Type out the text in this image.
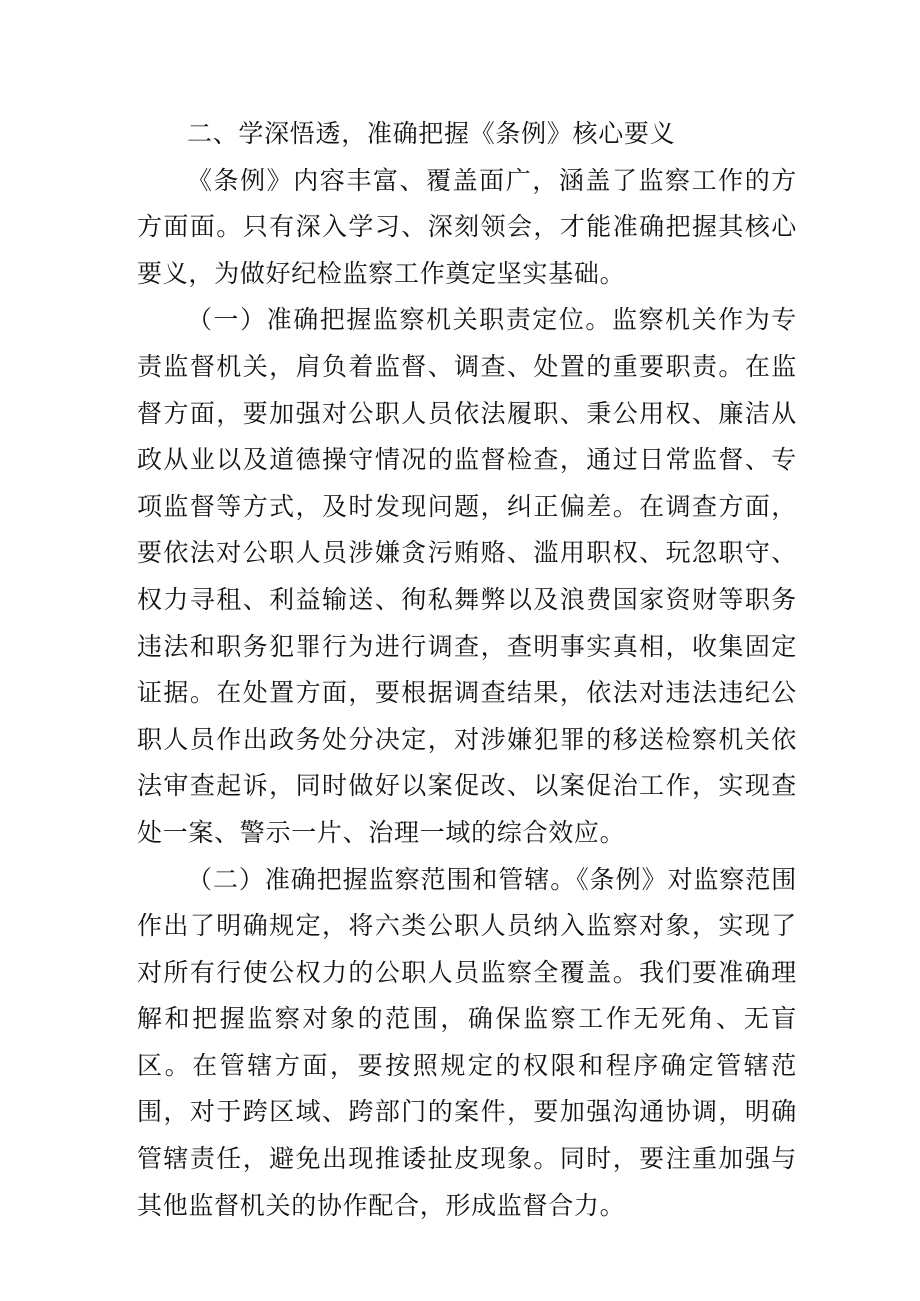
二、学深悟透，准确把握《条例》核心要义

《条例》内容丰富、覆盖面广，涵盖了监察工作的方方面面。只有深入学习、深刻领会，才能准确把握其核心要义，为做好纪检监察工作奠定坚实基础。

（一）准确把握监察机关职责定位。监察机关作为专责监督机关，肩负着监督、调查、处置的重要职责。在监督方面，要加强对公职人员依法履职、秉公用权、廉洁从政从业以及道德操守情况的监督检查，通过日常监督、专项监督等方式，及时发现问题，纠正偏差。在调查方面，要依法对公职人员涉嫌贪污贿赂、滥用职权、玩忽职守、权力寻租、利益输送、徇私舞弊以及浪费国家资财等职务违法和职务犯罪行为进行调查，查明事实真相，收集固定证据。在处置方面，要根据调查结果，依法对违法违纪公职人员作出政务处分决定，对涉嫌犯罪的移送检察机关依法审查起诉，同时做好以案促改、以案促治工作，实现查处一案、警示一片、治理一域的综合效应。

（二）准确把握监察范围和管辖。《条例》对监察范围作出了明确规定，将六类公职人员纳入监察对象，实现了对所有行使公权力的公职人员监察全覆盖。我们要准确理解和把握监察对象的范围，确保监察工作无死角、无盲区。在管辖方面，要按照规定的权限和程序确定管辖范围，对于跨区域、跨部门的案件，要加强沟通协调，明确管辖责任，避免出现推诿扯皮现象。同时，要注重加强与其他监督机关的协作配合，形成监督合力。
